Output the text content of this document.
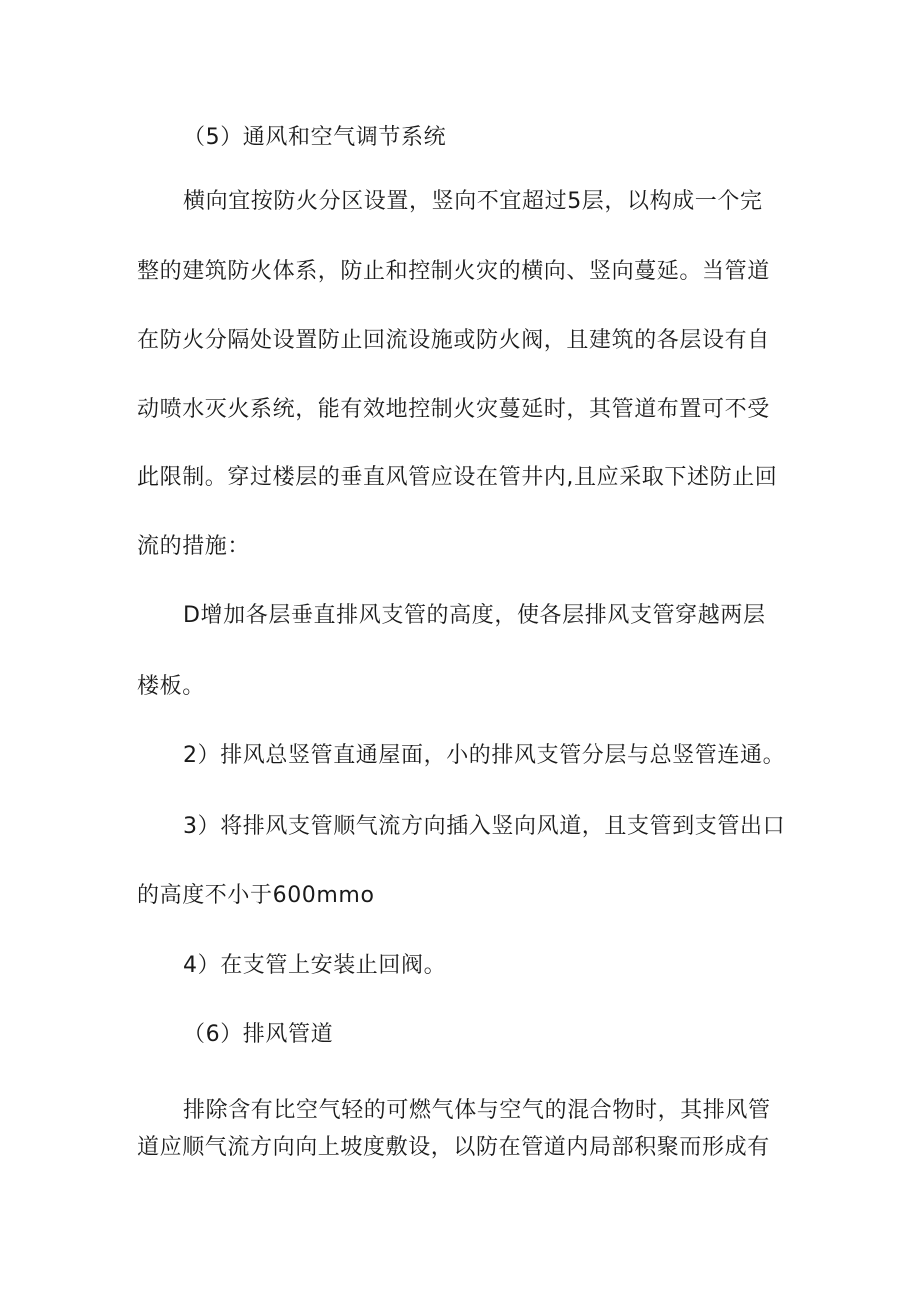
（5）通风和空气调节系统
横向宜按防火分区设置，竖向不宜超过5层，以构成一个完
整的建筑防火体系，防止和控制火灾的横向、竖向蔓延。当管道
在防火分隔处设置防止回流设施或防火阀，且建筑的各层设有自
动喷水灭火系统，能有效地控制火灾蔓延时，其管道布置可不受
此限制。穿过楼层的垂直风管应设在管井内,且应采取下述防止回
流的措施：
D增加各层垂直排风支管的高度，使各层排风支管穿越两层
楼板。
2）排风总竖管直通屋面，小的排风支管分层与总竖管连通。
3）将排风支管顺气流方向插入竖向风道，且支管到支管出口
的高度不小于600mmo
4）在支管上安装止回阀。
（6）排风管道
排除含有比空气轻的可燃气体与空气的混合物时，其排风管
道应顺气流方向向上坡度敷设，以防在管道内局部积聚而形成有
